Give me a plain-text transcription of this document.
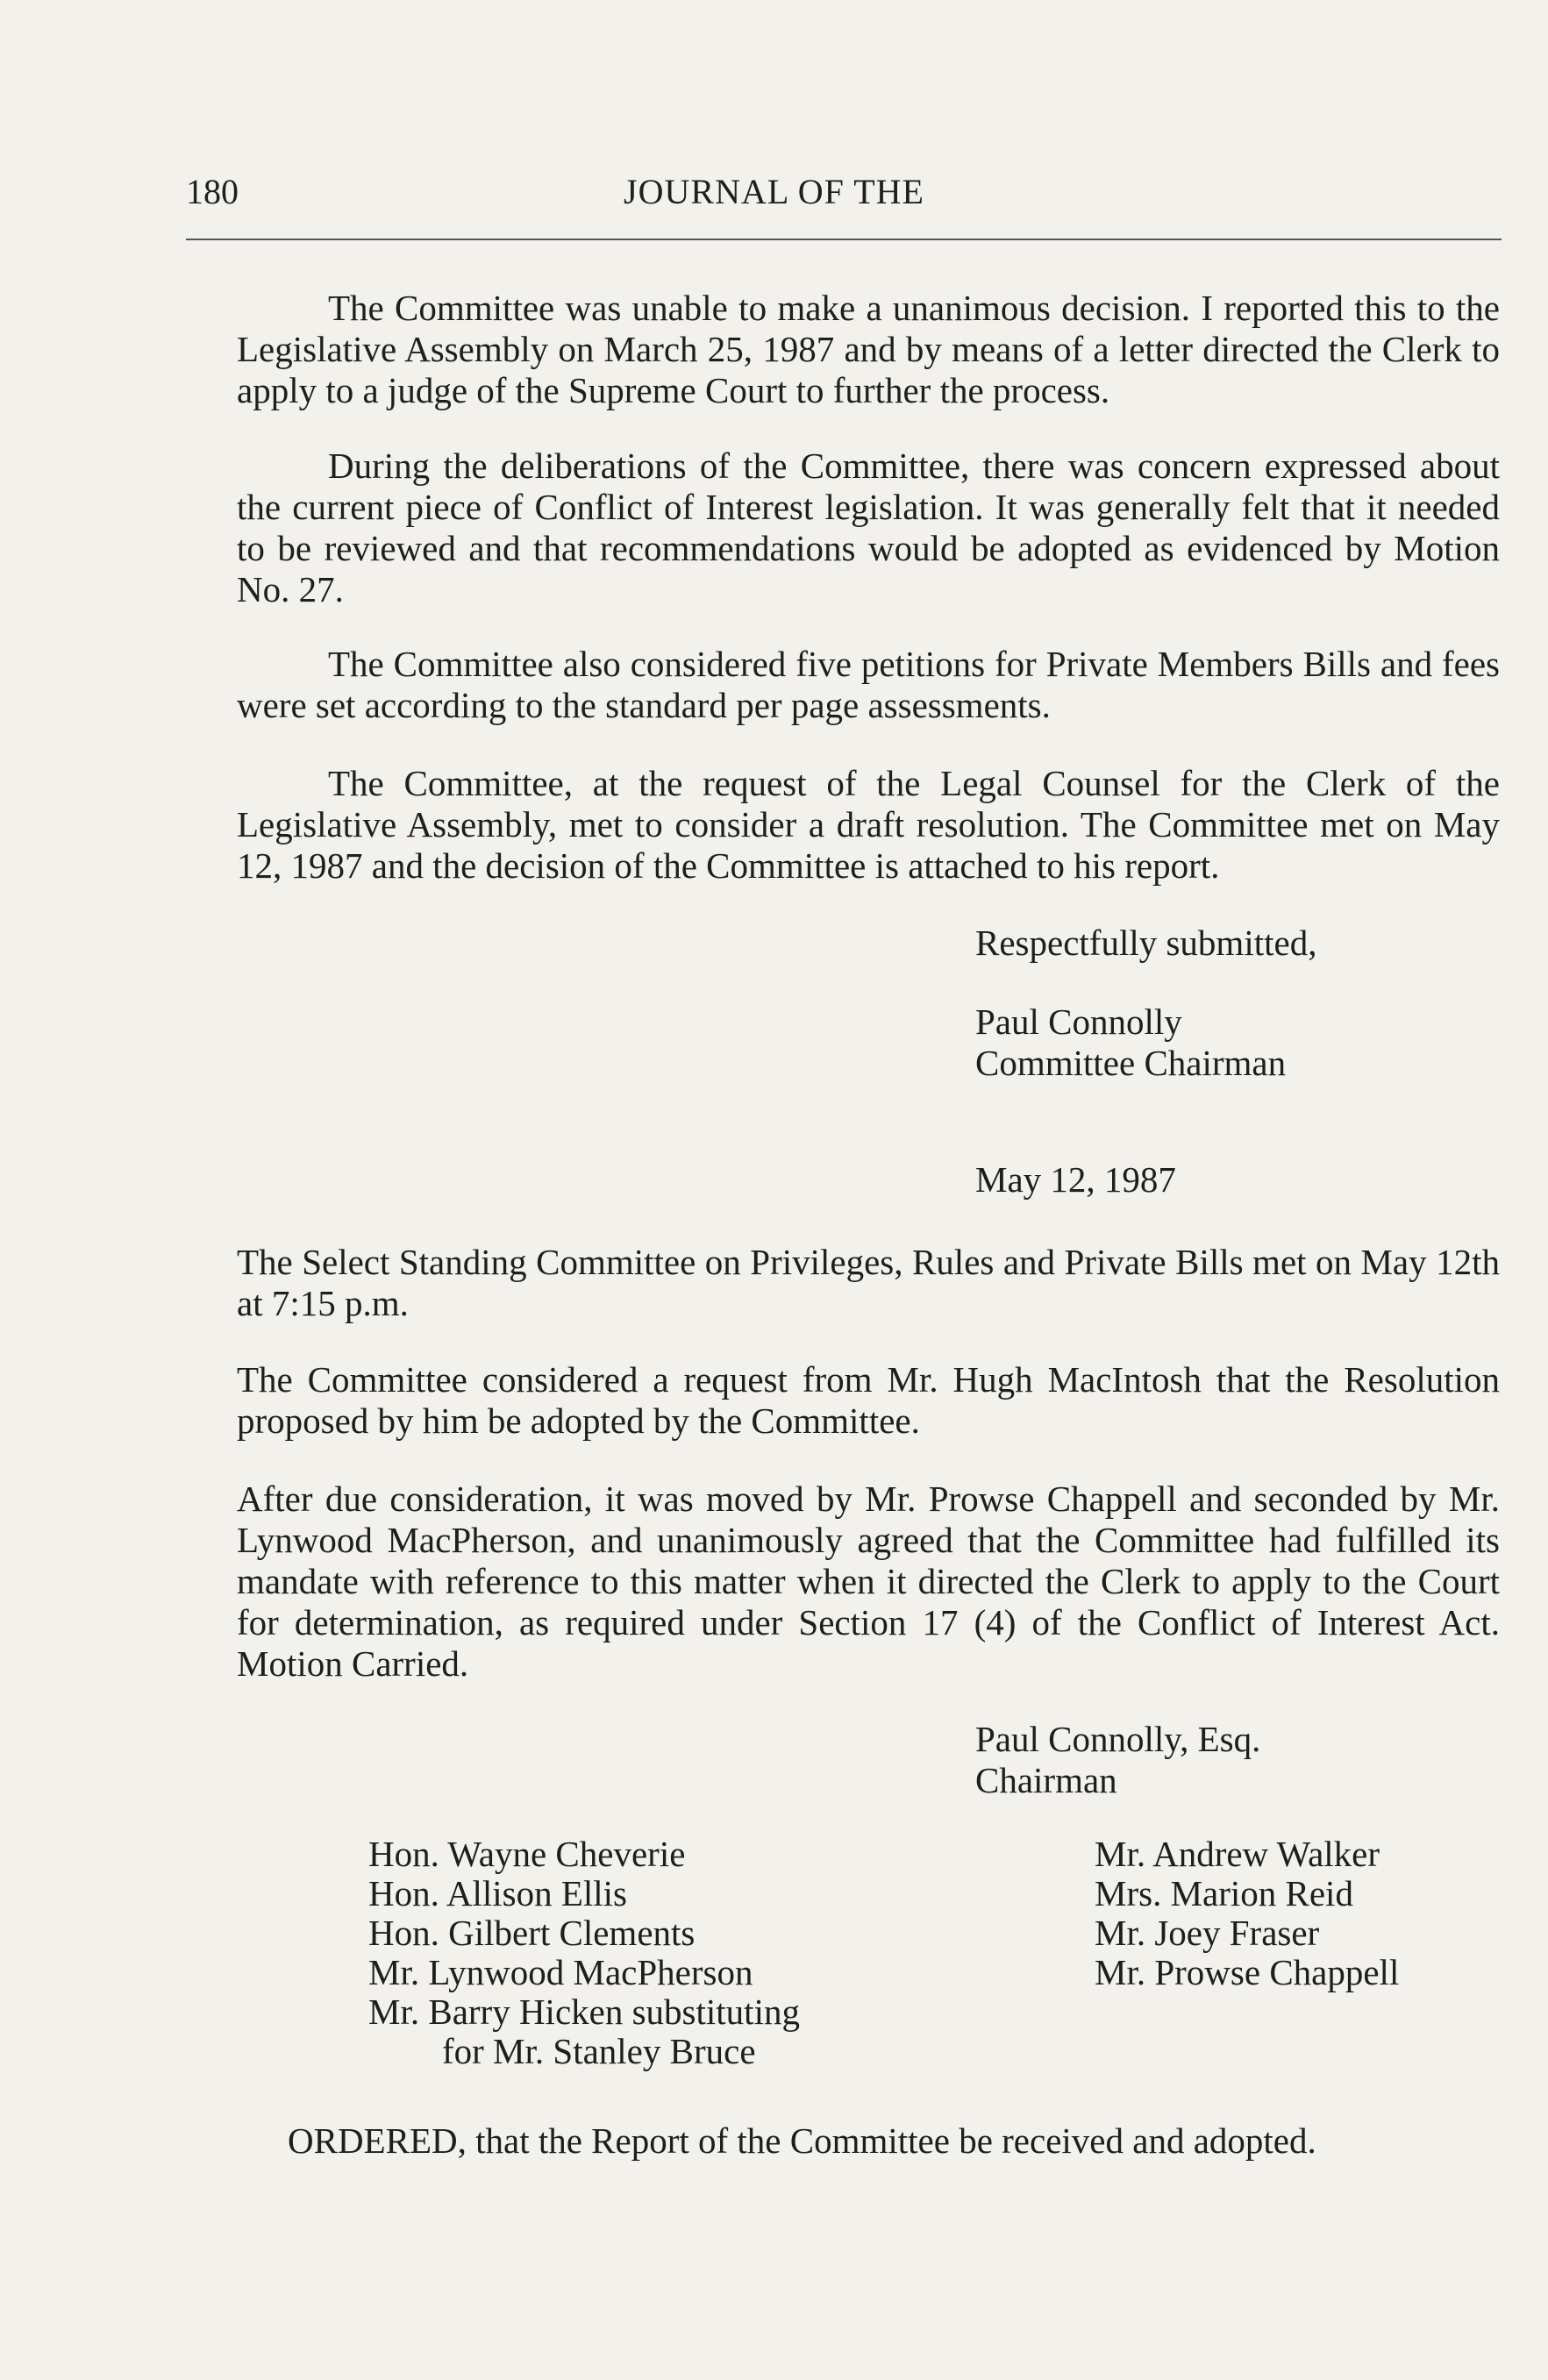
180	JOURNAL OF THE

The Committee was unable to make a unanimous decision. I reported this to the Legislative Assembly on March 25, 1987 and by means of a letter directed the Clerk to apply to a judge of the Supreme Court to further the process.

During the deliberations of the Committee, there was concern expressed about the current piece of Conflict of Interest legislation. It was generally felt that it needed to be reviewed and that recommendations would be adopted as evidenced by Motion No. 27.

The Committee also considered five petitions for Private Members Bills and fees were set according to the standard per page assessments.

The Committee, at the request of the Legal Counsel for the Clerk of the Legislative Assembly, met to consider a draft resolution. The Committee met on May 12, 1987 and the decision of the Committee is attached to his report.

Respectfully submitted,
Paul Connolly
Committee Chairman
May 12, 1987

The Select Standing Committee on Privileges, Rules and Private Bills met on May 12th at 7:15 p.m.

The Committee considered a request from Mr. Hugh MacIntosh that the Resolution proposed by him be adopted by the Committee.

After due consideration, it was moved by Mr. Prowse Chappell and seconded by Mr. Lynwood MacPherson, and unanimously agreed that the Committee had fulfilled its mandate with reference to this matter when it directed the Clerk to apply to the Court for determination, as required under Section 17 (4) of the Conflict of Interest Act. Motion Carried.

Paul Connolly, Esq.
Chairman
Hon. Wayne Cheverie
Hon. Allison Ellis
Hon. Gilbert Clements
Mr. Lynwood MacPherson
Mr. Barry Hicken substituting
for Mr. Stanley Bruce
Mr. Andrew Walker
Mrs. Marion Reid
Mr. Joey Fraser
Mr. Prowse Chappell
ORDERED, that the Report of the Committee be received and adopted.
